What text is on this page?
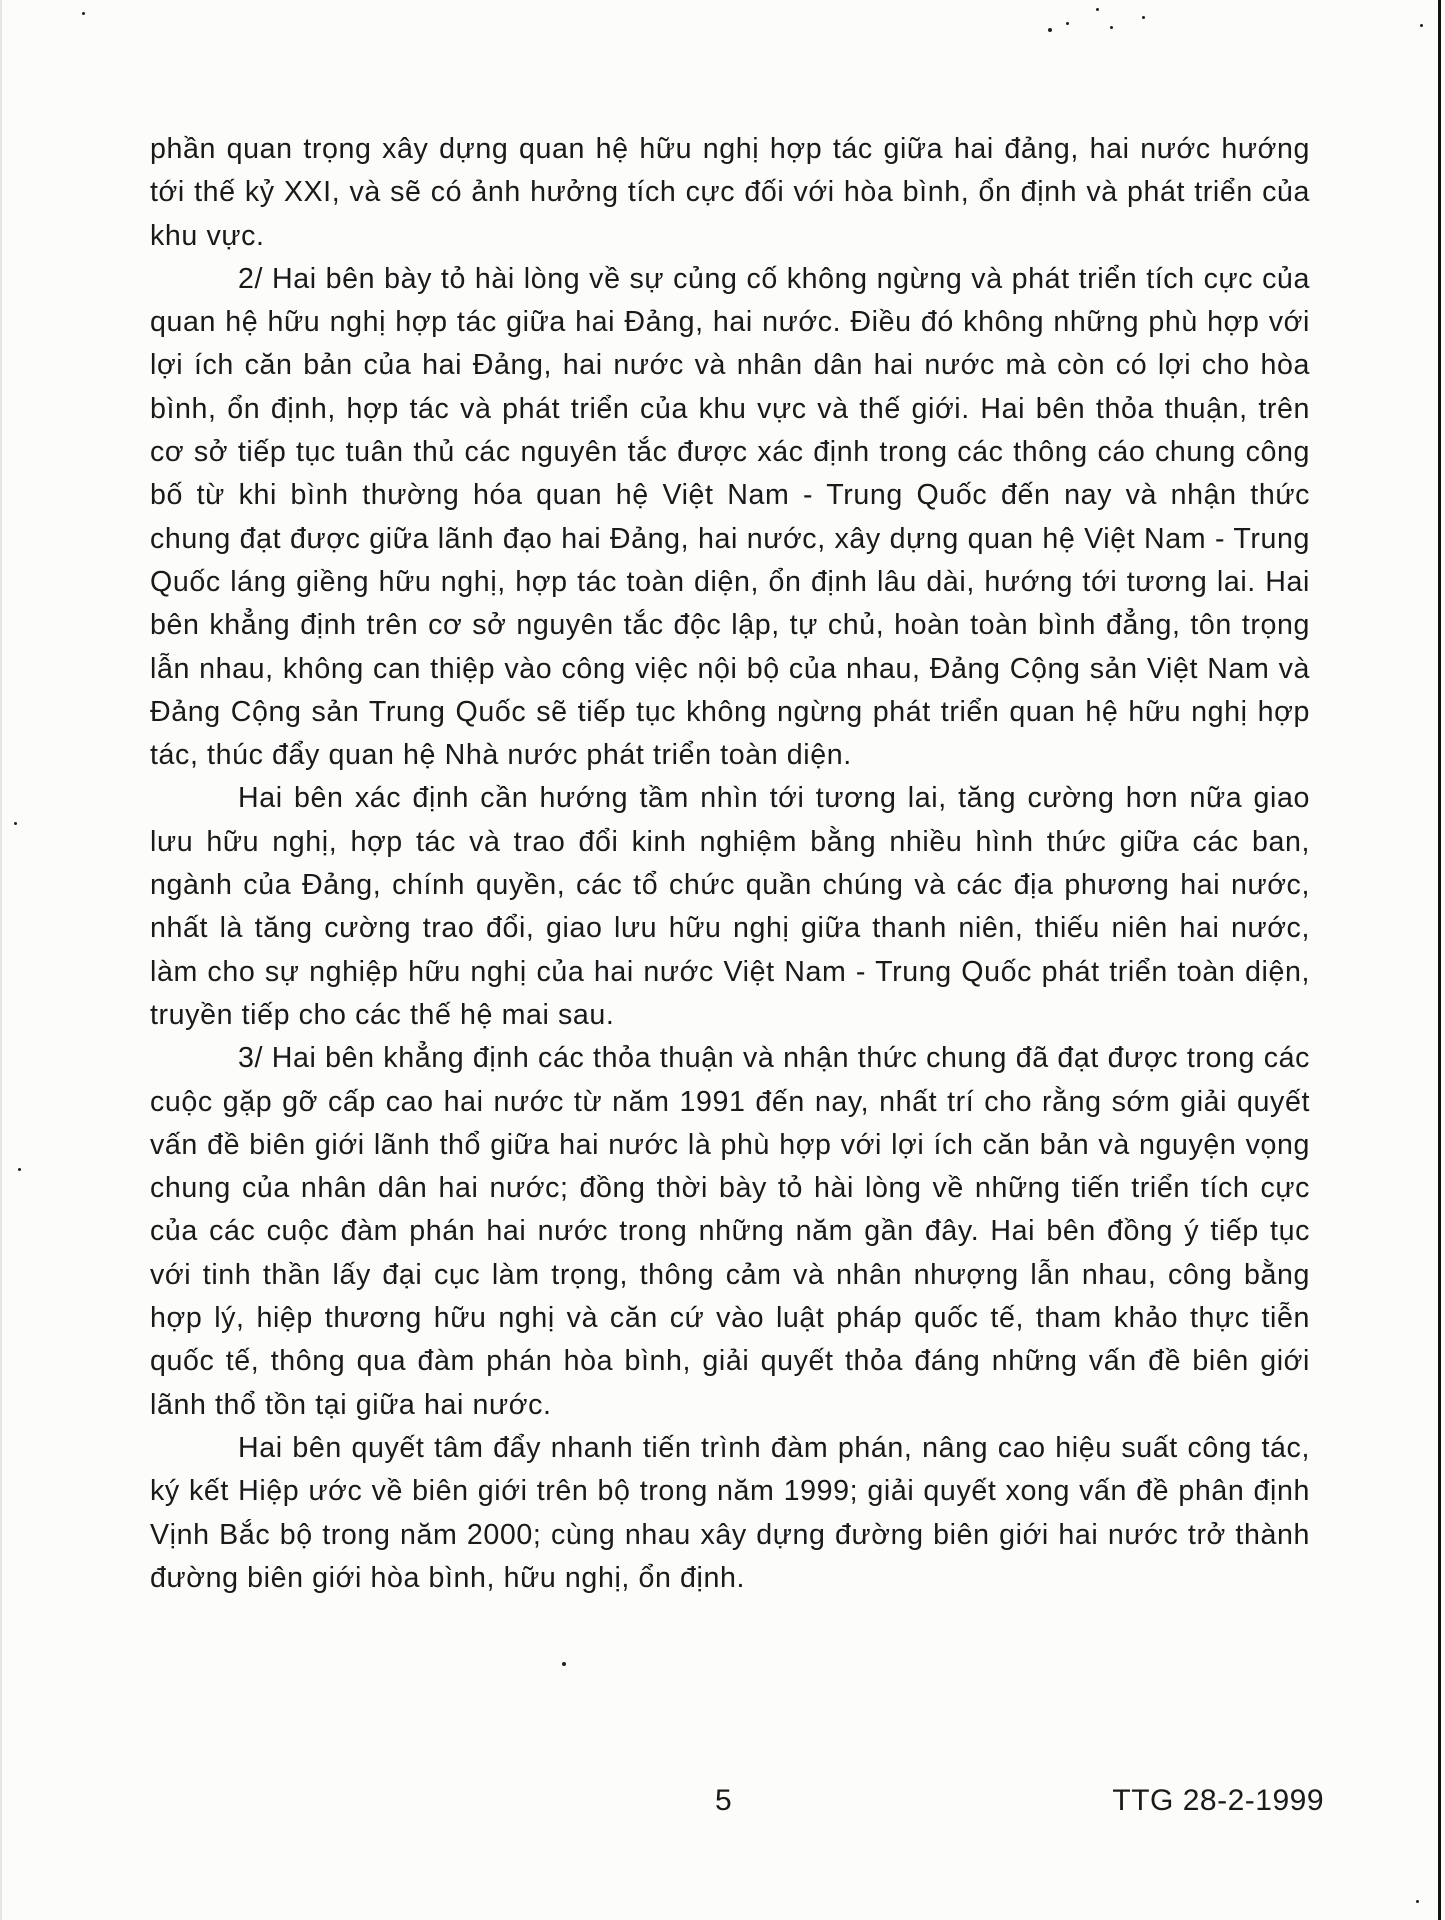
phần quan trọng xây dựng quan hệ hữu nghị hợp tác giữa hai đảng, hai nước hướng tới thế kỷ XXI, và sẽ có ảnh hưởng tích cực đối với hòa bình, ổn định và phát triển của khu vực.

2/ Hai bên bày tỏ hài lòng về sự củng cố không ngừng và phát triển tích cực của quan hệ hữu nghị hợp tác giữa hai Đảng, hai nước. Điều đó không những phù hợp với lợi ích căn bản của hai Đảng, hai nước và nhân dân hai nước mà còn có lợi cho hòa bình, ổn định, hợp tác và phát triển của khu vực và thế giới. Hai bên thỏa thuận, trên cơ sở tiếp tục tuân thủ các nguyên tắc được xác định trong các thông cáo chung công bố từ khi bình thường hóa quan hệ Việt Nam - Trung Quốc đến nay và nhận thức chung đạt được giữa lãnh đạo hai Đảng, hai nước, xây dựng quan hệ Việt Nam - Trung Quốc láng giềng hữu nghị, hợp tác toàn diện, ổn định lâu dài, hướng tới tương lai. Hai bên khẳng định trên cơ sở nguyên tắc độc lập, tự chủ, hoàn toàn bình đẳng, tôn trọng lẫn nhau, không can thiệp vào công việc nội bộ của nhau, Đảng Cộng sản Việt Nam và Đảng Cộng sản Trung Quốc sẽ tiếp tục không ngừng phát triển quan hệ hữu nghị hợp tác, thúc đẩy quan hệ Nhà nước phát triển toàn diện.

Hai bên xác định cần hướng tầm nhìn tới tương lai, tăng cường hơn nữa giao lưu hữu nghị, hợp tác và trao đổi kinh nghiệm bằng nhiều hình thức giữa các ban, ngành của Đảng, chính quyền, các tổ chức quần chúng và các địa phương hai nước, nhất là tăng cường trao đổi, giao lưu hữu nghị giữa thanh niên, thiếu niên hai nước, làm cho sự nghiệp hữu nghị của hai nước Việt Nam - Trung Quốc phát triển toàn diện, truyền tiếp cho các thế hệ mai sau.

3/ Hai bên khẳng định các thỏa thuận và nhận thức chung đã đạt được trong các cuộc gặp gỡ cấp cao hai nước từ năm 1991 đến nay, nhất trí cho rằng sớm giải quyết vấn đề biên giới lãnh thổ giữa hai nước là phù hợp với lợi ích căn bản và nguyện vọng chung của nhân dân hai nước; đồng thời bày tỏ hài lòng về những tiến triển tích cực của các cuộc đàm phán hai nước trong những năm gần đây. Hai bên đồng ý tiếp tục với tinh thần lấy đại cục làm trọng, thông cảm và nhân nhượng lẫn nhau, công bằng hợp lý, hiệp thương hữu nghị và căn cứ vào luật pháp quốc tế, tham khảo thực tiễn quốc tế, thông qua đàm phán hòa bình, giải quyết thỏa đáng những vấn đề biên giới lãnh thổ tồn tại giữa hai nước.

Hai bên quyết tâm đẩy nhanh tiến trình đàm phán, nâng cao hiệu suất công tác, ký kết Hiệp ước về biên giới trên bộ trong năm 1999; giải quyết xong vấn đề phân định Vịnh Bắc bộ trong năm 2000; cùng nhau xây dựng đường biên giới hai nước trở thành đường biên giới hòa bình, hữu nghị, ổn định.

5	TTG 28-2-1999
